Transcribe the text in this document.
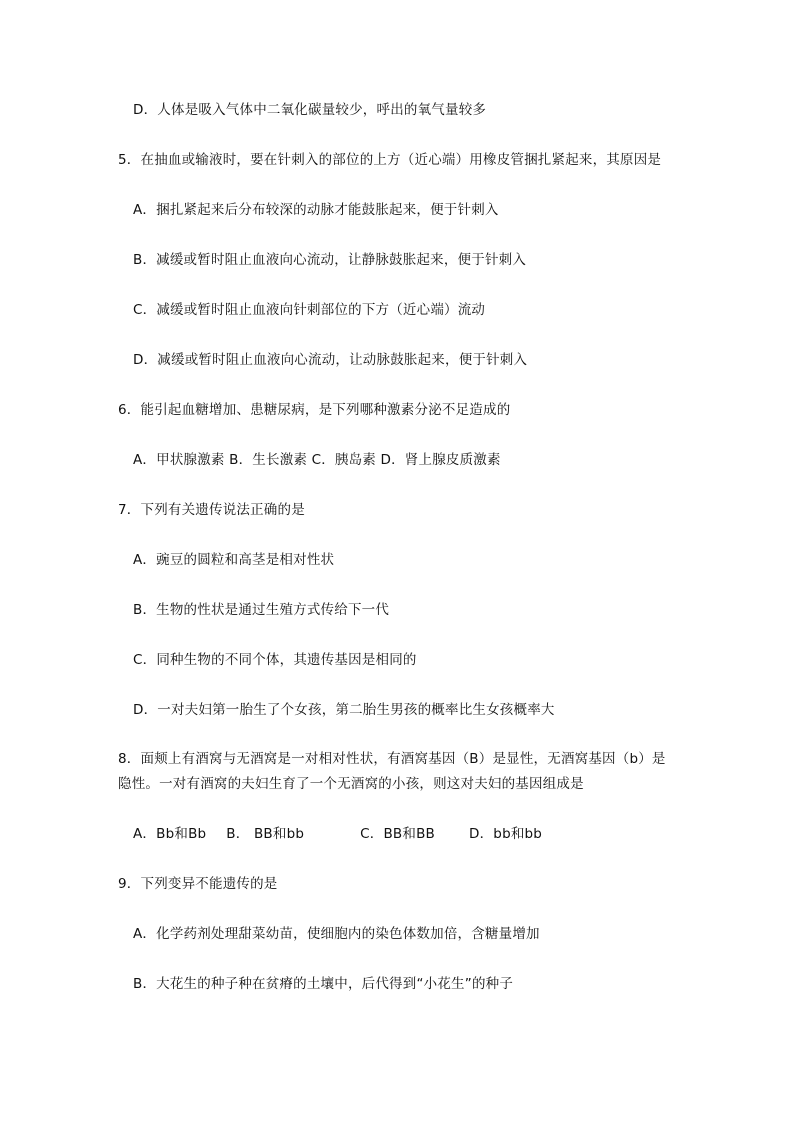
D．人体是吸入气体中二氧化碳量较少，呼出的氧气量较多
5．在抽血或输液时，要在针刺入的部位的上方（近心端）用橡皮管捆扎紧起来，其原因是
A．捆扎紧起来后分布较深的动脉才能鼓胀起来，便于针刺入
B．减缓或暂时阻止血液向心流动，让静脉鼓胀起来，便于针刺入
C．减缓或暂时阻止血液向针刺部位的下方（近心端）流动
D．减缓或暂时阻止血液向心流动，让动脉鼓胀起来，便于针刺入
6．能引起血糖增加、患糖尿病，是下列哪种激素分泌不足造成的
A．甲状腺激素 B．生长激素 C．胰岛素 D．肾上腺皮质激素
7．下列有关遗传说法正确的是
A．豌豆的圆粒和高茎是相对性状
B．生物的性状是通过生殖方式传给下一代
C．同种生物的不同个体，其遗传基因是相同的
D．一对夫妇第一胎生了个女孩，第二胎生男孩的概率比生女孩概率大
8．面颊上有酒窝与无酒窝是一对相对性状，有酒窝基因（B）是显性，无酒窝基因（b）是
隐性。一对有酒窝的夫妇生育了一个无酒窝的小孩，则这对夫妇的基因组成是
A．Bb和Bb B． BB和bb	C．BB和BB	D．bb和bb
9．下列变异不能遗传的是
A．化学药剂处理甜菜幼苗，使细胞内的染色体数加倍，含糖量增加
B．大花生的种子种在贫瘠的土壤中，后代得到“小花生”的种子
